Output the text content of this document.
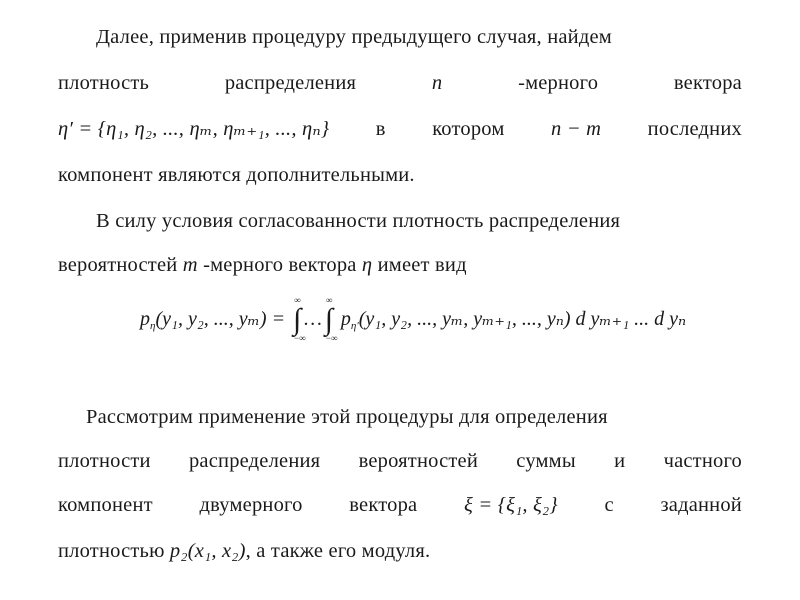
Далее, применив процедуру предыдущего случая, найдем
плотность	распределения	n	-мерного	вектора
η′ = {η₁, η₂, ..., ηₘ, ηₘ₊₁, ..., ηₙ} в котором n − m последних
компонент являются дополнительными.
В силу условия согласованности плотность распределения
вероятностей m -мерного вектора η имеет вид
$p_\eta(y_1$, y₂, ..., yₘ) = ∫
∞
−∞
…∫
∞
−∞
$p_{\eta'}(y_1$, y₂, ..., yₘ, yₘ₊₁, ..., yₙ) d yₘ₊₁ ... d yₙ
Рассмотрим применение этой процедуры для определения
плотности распределения вероятностей суммы и частного
компонент двумерного вектора ξ = {ξ₁, ξ₂} с заданной
плотностью p₂(x₁, x₂), а также его модуля.
